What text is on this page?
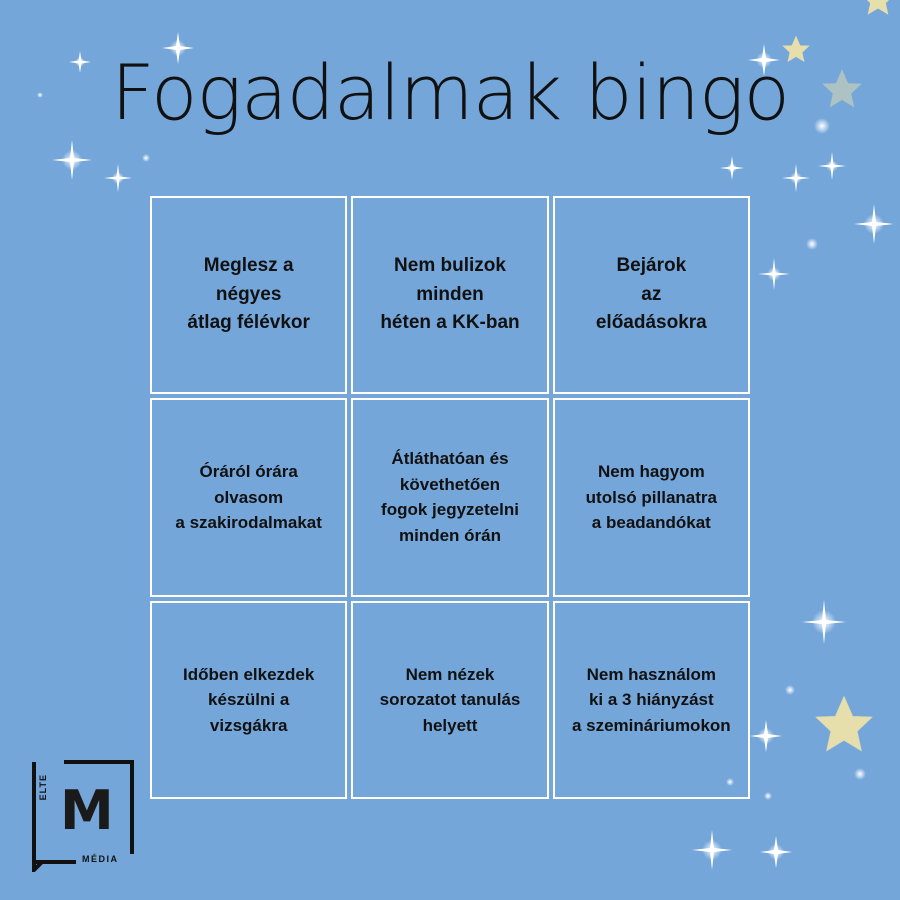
Fogadalmak bingo
Meglesz a
négyes
átlag félévkor
Nem bulizok
minden
héten a KK-ban
Bejárok
az
előadásokra
Óráról órára
olvasom
a szakirodalmakat
Átláthatóan és
követhetően
fogok jegyzetelni
minden órán
Nem hagyom
utolsó pillanatra
a beadandókat
Időben elkezdek
készülni a
vizsgákra
Nem nézek
sorozatot tanulás
helyett
Nem használom
ki a 3 hiányzást
a szemináriumokon
ELTE M
MÉDIA
